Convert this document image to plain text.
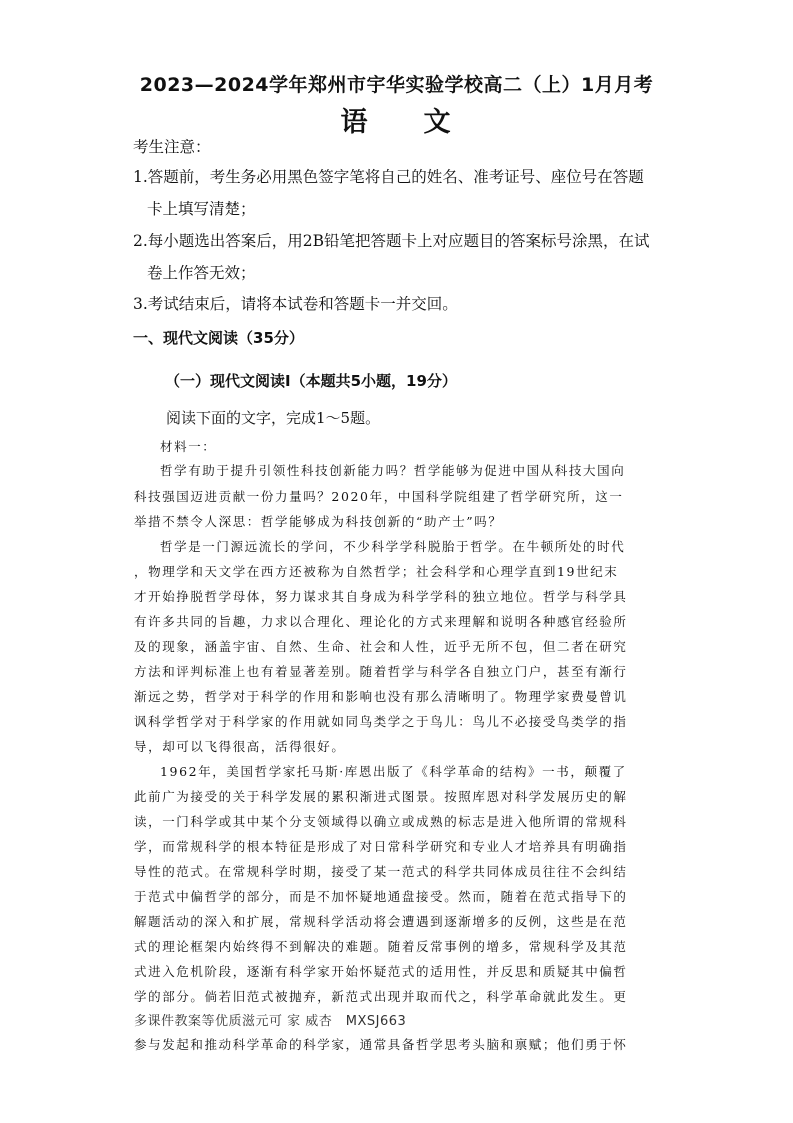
2023—2024学年郑州市宇华实验学校高二（上）1月月考
语 文
考生注意：
1.答题前，考生务必用黑色签字笔将自己的姓名、准考证号、座位号在答题
卡上填写清楚；
2.每小题选出答案后，用2B铅笔把答题卡上对应题目的答案标号涂黑，在试
卷上作答无效；
3.考试结束后，请将本试卷和答题卡一并交回。
一、现代文阅读（35分）
（一）现代文阅读Ⅰ（本题共5小题，19分）
阅读下面的文字，完成1～5题。
材料一：
哲学有助于提升引领性科技创新能力吗？哲学能够为促进中国从科技大国向
科技强国迈进贡献一份力量吗？2020年，中国科学院组建了哲学研究所，这一
举措不禁令人深思：哲学能够成为科技创新的“助产士”吗？
哲学是一门源远流长的学问，不少科学学科脱胎于哲学。在牛顿所处的时代
，物理学和天文学在西方还被称为自然哲学；社会科学和心理学直到19世纪末
才开始挣脱哲学母体，努力谋求其自身成为科学学科的独立地位。哲学与科学具
有许多共同的旨趣，力求以合理化、理论化的方式来理解和说明各种感官经验所
及的现象，涵盖宇宙、自然、生命、社会和人性，近乎无所不包，但二者在研究
方法和评判标准上也有着显著差别。随着哲学与科学各自独立门户，甚至有渐行
渐远之势，哲学对于科学的作用和影响也没有那么清晰明了。物理学家费曼曾讥
讽科学哲学对于科学家的作用就如同鸟类学之于鸟儿：鸟儿不必接受鸟类学的指
导，却可以飞得很高，活得很好。
1962年，美国哲学家托马斯·库恩出版了《科学革命的结构》一书，颠覆了
此前广为接受的关于科学发展的累积渐进式图景。按照库恩对科学发展历史的解
读，一门科学或其中某个分支领域得以确立或成熟的标志是进入他所谓的常规科
学，而常规科学的根本特征是形成了对日常科学研究和专业人才培养具有明确指
导性的范式。在常规科学时期，接受了某一范式的科学共同体成员往往不会纠结
于范式中偏哲学的部分，而是不加怀疑地通盘接受。然而，随着在范式指导下的
解题活动的深入和扩展，常规科学活动将会遭遇到逐渐增多的反例，这些是在范
式的理论框架内始终得不到解决的难题。随着反常事例的增多，常规科学及其范
式进入危机阶段，逐渐有科学家开始怀疑范式的适用性，并反思和质疑其中偏哲
学的部分。倘若旧范式被抛弃，新范式出现并取而代之，科学革命就此发生。更
多课件教案等优质滋元可 家 威杏　MXSJ663
参与发起和推动科学革命的科学家，通常具备哲学思考头脑和禀赋；他们勇于怀
